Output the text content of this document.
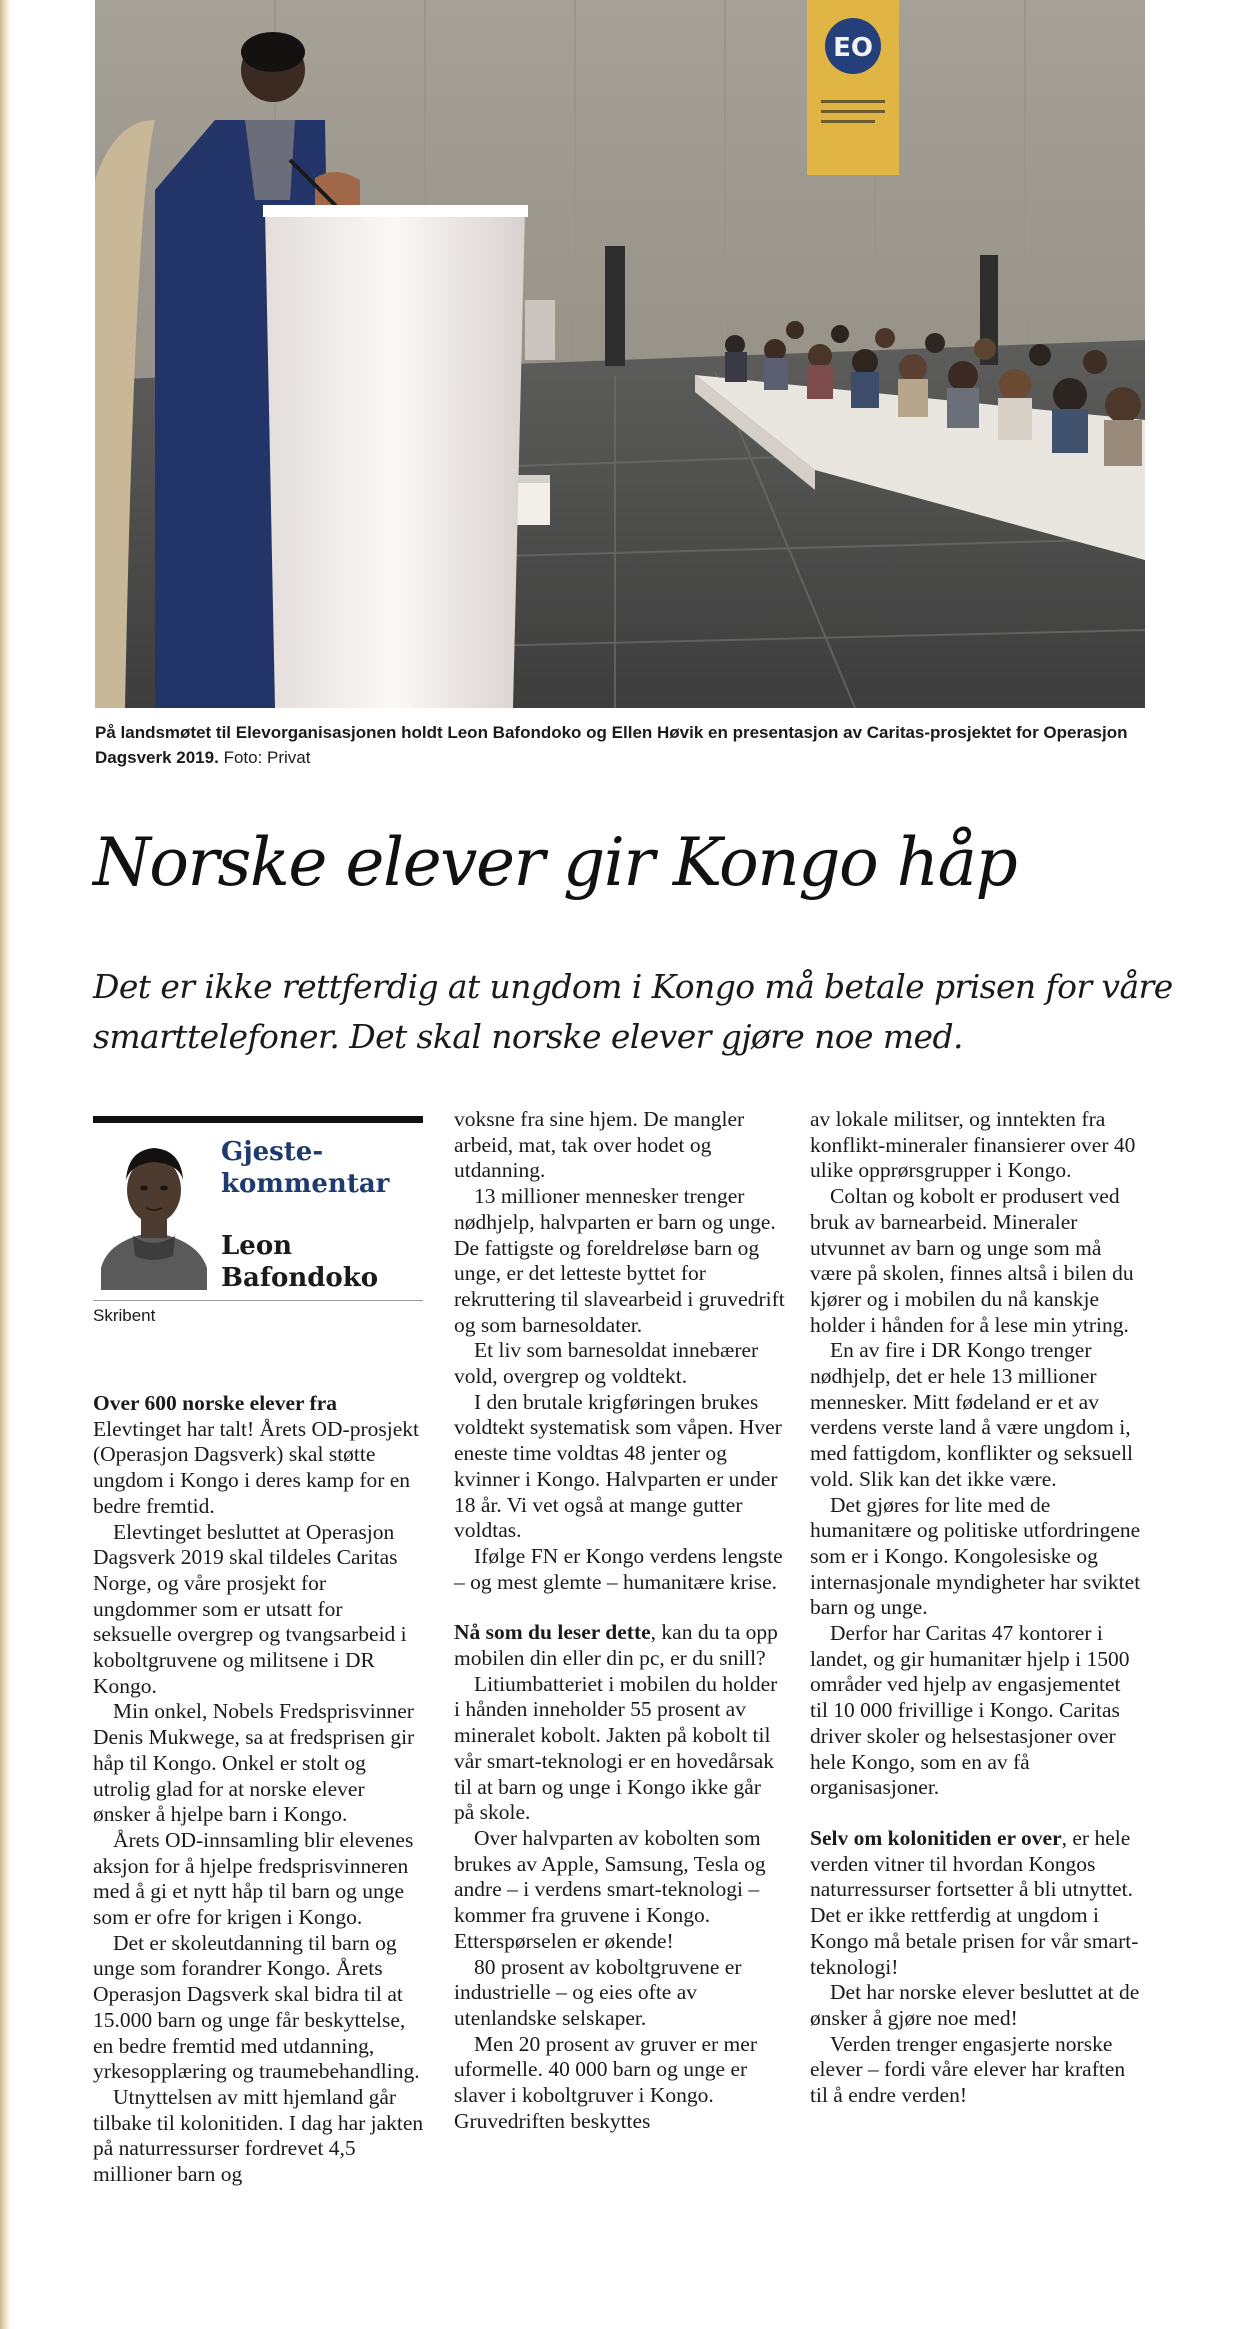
EO
På landsmøtet til Elevorganisasjonen holdt Leon Bafondoko og Ellen Høvik en presentasjon av Caritas-prosjektet for Operasjon Dagsverk 2019. Foto: Privat
Norske elever gir Kongo håp

Det er ikke rettferdig at ungdom i Kongo må betale prisen for våre smarttelefoner. Det skal norske elever gjøre noe med.

Gjeste-kommentar
Leon Bafondoko
Skribent

Over 600 norske elever fra Elevtinget har talt! Årets OD-prosjekt (Operasjon Dagsverk) skal støtte ungdom i Kongo i deres kamp for en bedre fremtid.

Elevtinget besluttet at Operasjon Dagsverk 2019 skal tildeles Caritas Norge, og våre prosjekt for ungdommer som er utsatt for seksuelle overgrep og tvangsarbeid i koboltgruvene og militsene i DR Kongo.

Min onkel, Nobels Fredsprisvinner Denis Mukwege, sa at fredsprisen gir håp til Kongo. Onkel er stolt og utrolig glad for at norske elever ønsker å hjelpe barn i Kongo.

Årets OD-innsamling blir elevenes aksjon for å hjelpe fredsprisvinneren med å gi et nytt håp til barn og unge som er ofre for krigen i Kongo.

Det er skoleutdanning til barn og unge som forandrer Kongo. Årets Operasjon Dagsverk skal bidra til at 15.000 barn og unge får beskyttelse, en bedre fremtid med utdanning, yrkesopplæring og traumebehandling.

Utnyttelsen av mitt hjemland går tilbake til kolonitiden. I dag har jakten på naturressurser fordrevet 4,5 millioner barn og

voksne fra sine hjem. De mangler arbeid, mat, tak over hodet og utdanning.

13 millioner mennesker trenger nødhjelp, halvparten er barn og unge. De fattigste og foreldreløse barn og unge, er det letteste byttet for rekruttering til slavearbeid i gruvedrift og som barnesoldater.

Et liv som barnesoldat innebærer vold, overgrep og voldtekt.

I den brutale krigføringen brukes voldtekt systematisk som våpen. Hver eneste time voldtas 48 jenter og kvinner i Kongo. Halvparten er under 18 år. Vi vet også at mange gutter voldtas.

Ifølge FN er Kongo verdens lengste – og mest glemte – humanitære krise.

Nå som du leser dette, kan du ta opp mobilen din eller din pc, er du snill?

Litiumbatteriet i mobilen du holder i hånden inneholder 55 prosent av mineralet kobolt. Jakten på kobolt til vår smart-teknologi er en hovedårsak til at barn og unge i Kongo ikke går på skole.

Over halvparten av kobolten som brukes av Apple, Samsung, Tesla og andre – i verdens smart-teknologi – kommer fra gruvene i Kongo. Etterspørselen er økende!

80 prosent av koboltgruvene er industrielle – og eies ofte av utenlandske selskaper.

Men 20 prosent av gruver er mer uformelle. 40 000 barn og unge er slaver i koboltgruver i Kongo. Gruvedriften beskyttes

av lokale militser, og inntekten fra konflikt-mineraler finansierer over 40 ulike opprørsgrupper i Kongo.

Coltan og kobolt er produsert ved bruk av barnearbeid. Mineraler utvunnet av barn og unge som må være på skolen, finnes altså i bilen du kjører og i mobilen du nå kanskje holder i hånden for å lese min ytring.

En av fire i DR Kongo trenger nødhjelp, det er hele 13 millioner mennesker. Mitt fødeland er et av verdens verste land å være ungdom i, med fattigdom, konflikter og seksuell vold. Slik kan det ikke være.

Det gjøres for lite med de humanitære og politiske utfordringene som er i Kongo. Kongolesiske og internasjonale myndigheter har sviktet barn og unge.

Derfor har Caritas 47 kontorer i landet, og gir humanitær hjelp i 1500 områder ved hjelp av engasjementet til 10 000 frivillige i Kongo. Caritas driver skoler og helsestasjoner over hele Kongo, som en av få organisasjoner.

Selv om kolonitiden er over, er hele verden vitner til hvordan Kongos naturressurser fortsetter å bli utnyttet. Det er ikke rettferdig at ungdom i Kongo må betale prisen for vår smart-teknologi!

Det har norske elever besluttet at de ønsker å gjøre noe med!

Verden trenger engasjerte norske elever – fordi våre elever har kraften til å endre verden!
